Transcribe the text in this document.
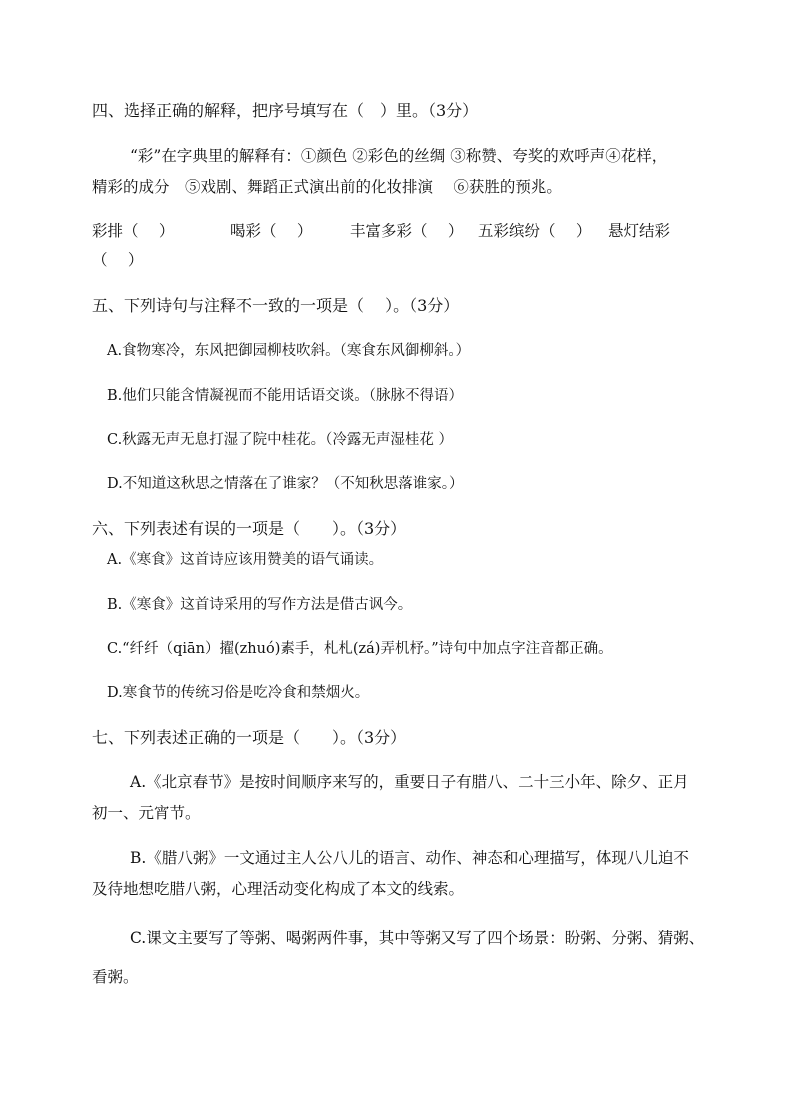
四、选择正确的解释，把序号填写在（　）里。（3分）
“彩”在字典里的解释有：①颜色 ②彩色的丝绸 ③称赞、夸奖的欢呼声④花样，
精彩的成分　⑤戏剧、舞蹈正式演出前的化妆排演　 ⑥获胜的预兆。
彩排（　 ）	喝彩（　 ） 丰富多彩（　 ） 五彩缤纷（　 ） 悬灯结彩
（　 ）
五、下列诗句与注释不一致的一项是（　 ）。（3分）
A.食物寒冷，东风把御园柳枝吹斜。（寒食东风御柳斜。）
B.他们只能含情凝视而不能用话语交谈。（脉脉不得语）
C.秋露无声无息打湿了院中桂花。（冷露无声湿桂花 ）
D.不知道这秋思之情落在了谁家？（不知秋思落谁家。）
六、下列表述有误的一项是（　　）。（3分）
A.《寒食》这首诗应该用赞美的语气诵读。
B.《寒食》这首诗采用的写作方法是借古讽今。
C.“纤纤（qiān）擢(zhuó)素手，札札(zá)弄机杼。”诗句中加点字注音都正确。
D.寒食节的传统习俗是吃冷食和禁烟火。
七、下列表述正确的一项是（　　）。（3分）
A.《北京春节》是按时间顺序来写的，重要日子有腊八、二十三小年、除夕、正月
初一、元宵节。
B.《腊八粥》一文通过主人公八儿的语言、动作、神态和心理描写，体现八儿迫不
及待地想吃腊八粥，心理活动变化构成了本文的线索。
C.课文主要写了等粥、喝粥两件事，其中等粥又写了四个场景：盼粥、分粥、猜粥、
看粥。
